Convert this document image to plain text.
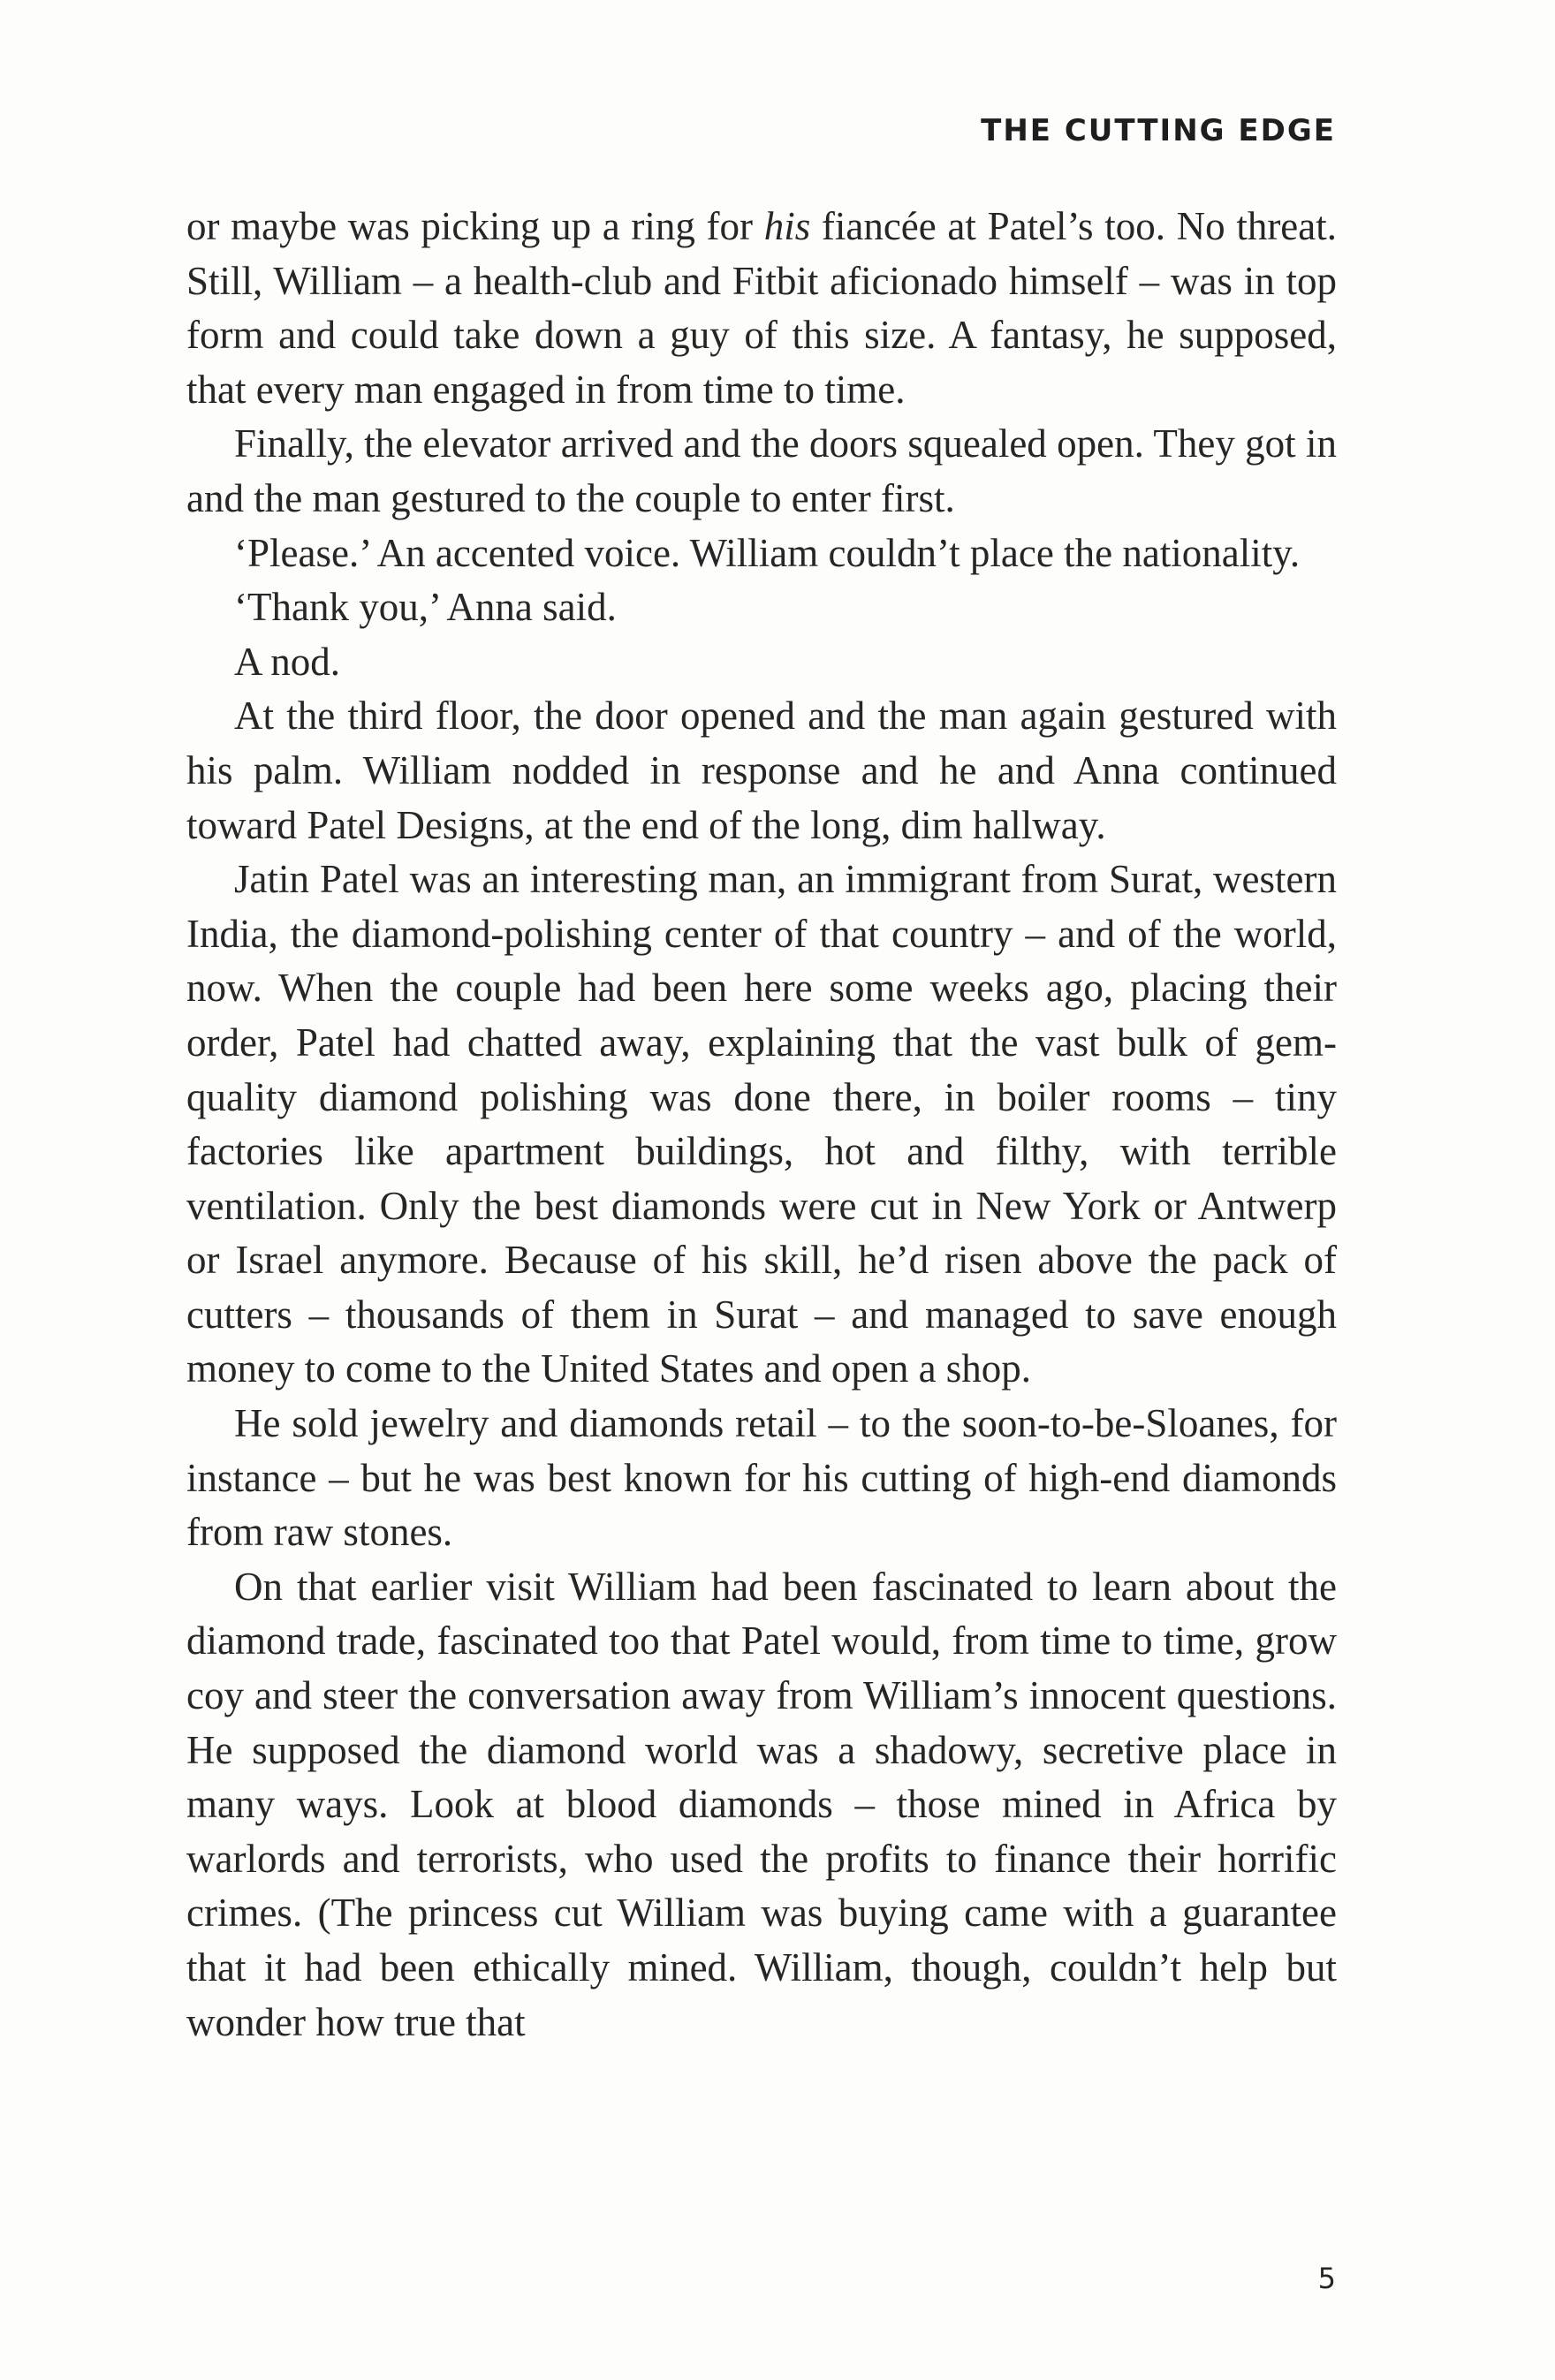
THE CUTTING EDGE

or maybe was picking up a ring for his fiancée at Patel’s too. No threat. Still, William – a health-club and Fitbit aficionado himself – was in top form and could take down a guy of this size. A fantasy, he supposed, that every man engaged in from time to time.

Finally, the elevator arrived and the doors squealed open. They got in and the man gestured to the couple to enter first.

‘Please.’ An accented voice. William couldn’t place the nationality.

‘Thank you,’ Anna said.

A nod.

At the third floor, the door opened and the man again gestured with his palm. William nodded in response and he and Anna continued toward Patel Designs, at the end of the long, dim hallway.

Jatin Patel was an interesting man, an immigrant from Surat, western India, the diamond-polishing center of that country – and of the world, now. When the couple had been here some weeks ago, placing their order, Patel had chatted away, explaining that the vast bulk of gem-quality diamond polishing was done there, in boiler rooms – tiny factories like apartment buildings, hot and filthy, with terrible ventilation. Only the best diamonds were cut in New York or Antwerp or Israel anymore. Because of his skill, he’d risen above the pack of cutters – thousands of them in Surat – and managed to save enough money to come to the United States and open a shop.

He sold jewelry and diamonds retail – to the soon-to-be-Sloanes, for instance – but he was best known for his cutting of high-end diamonds from raw stones.

On that earlier visit William had been fascinated to learn about the diamond trade, fascinated too that Patel would, from time to time, grow coy and steer the conversation away from William’s innocent questions. He supposed the diamond world was a shadowy, secretive place in many ways. Look at blood diamonds – those mined in Africa by warlords and terrorists, who used the profits to finance their horrific crimes. (The princess cut William was buying came with a guarantee that it had been ethically mined. William, though, couldn’t help but wonder how true that

5
